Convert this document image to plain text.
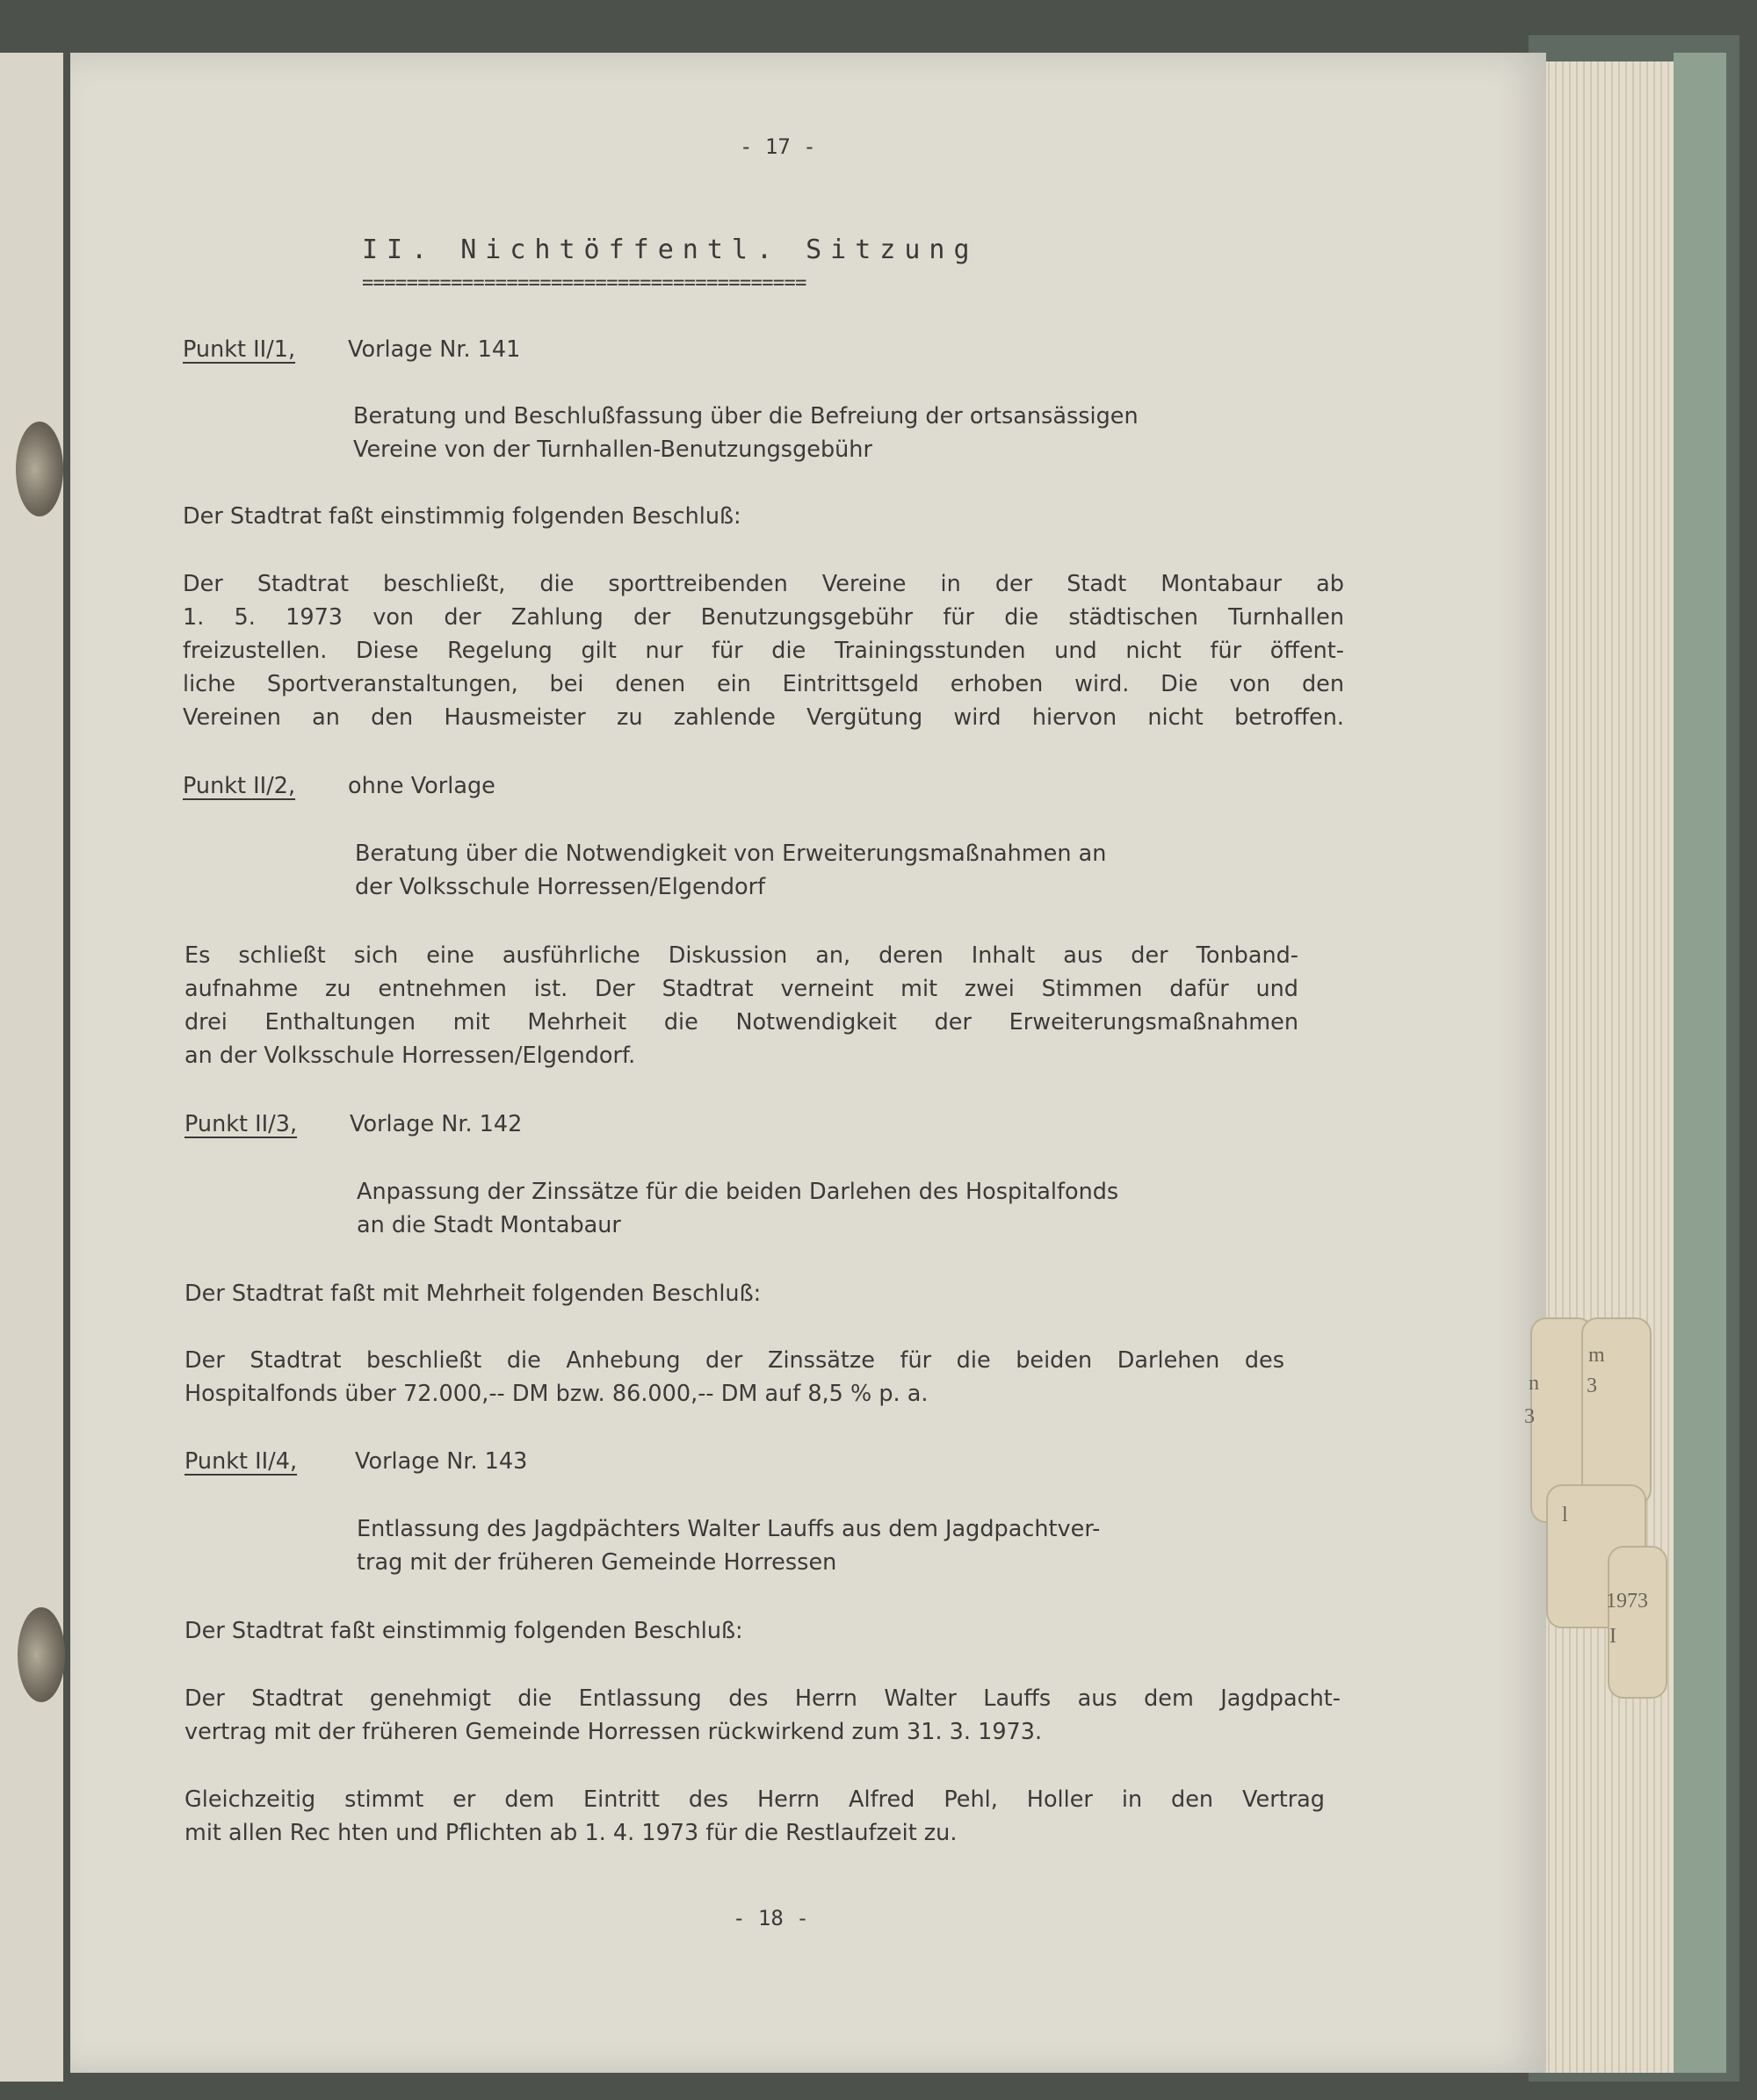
n
3
m
3
l
1973
I
- 17 -
II. Nichtöffentl. Sitzung
========================================
Punkt II/1, Vorlage Nr. 141
Beratung und Beschlußfassung über die Befreiung der ortsansässigen
Vereine von der Turnhallen-Benutzungsgebühr
Der Stadtrat faßt einstimmig folgenden Beschluß:
Der Stadtrat beschließt, die sporttreibenden Vereine in der Stadt Montabaur ab
1. 5. 1973 von der Zahlung der Benutzungsgebühr für die städtischen Turnhallen
freizustellen. Diese Regelung gilt nur für die Trainingsstunden und nicht für öffent-
liche Sportveranstaltungen, bei denen ein Eintrittsgeld erhoben wird. Die von den
Vereinen an den Hausmeister zu zahlende Vergütung wird hiervon nicht betroffen.
Punkt II/2, ohne Vorlage
Beratung über die Notwendigkeit von Erweiterungsmaßnahmen an
der Volksschule Horressen/Elgendorf
Es schließt sich eine ausführliche Diskussion an, deren Inhalt aus der Tonband-
aufnahme zu entnehmen ist. Der Stadtrat verneint mit zwei Stimmen dafür und
drei Enthaltungen mit Mehrheit die Notwendigkeit der Erweiterungsmaßnahmen
an der Volksschule Horressen/Elgendorf.
Punkt II/3, Vorlage Nr. 142
Anpassung der Zinssätze für die beiden Darlehen des Hospitalfonds
an die Stadt Montabaur
Der Stadtrat faßt mit Mehrheit folgenden Beschluß:
Der Stadtrat beschließt die Anhebung der Zinssätze für die beiden Darlehen des
Hospitalfonds über 72.000,-- DM bzw. 86.000,-- DM auf 8,5 % p. a.
Punkt II/4,	Vorlage Nr. 143
Entlassung des Jagdpächters Walter Lauffs aus dem Jagdpachtver-
trag mit der früheren Gemeinde Horressen
Der Stadtrat faßt einstimmig folgenden Beschluß:
Der Stadtrat genehmigt die Entlassung des Herrn Walter Lauffs aus dem Jagdpacht-
vertrag mit der früheren Gemeinde Horressen rückwirkend zum 31. 3. 1973.
Gleichzeitig stimmt er dem Eintritt des Herrn Alfred Pehl, Holler in den Vertrag
mit allen Rec hten und Pflichten ab 1. 4. 1973 für die Restlaufzeit zu.
- 18 -
